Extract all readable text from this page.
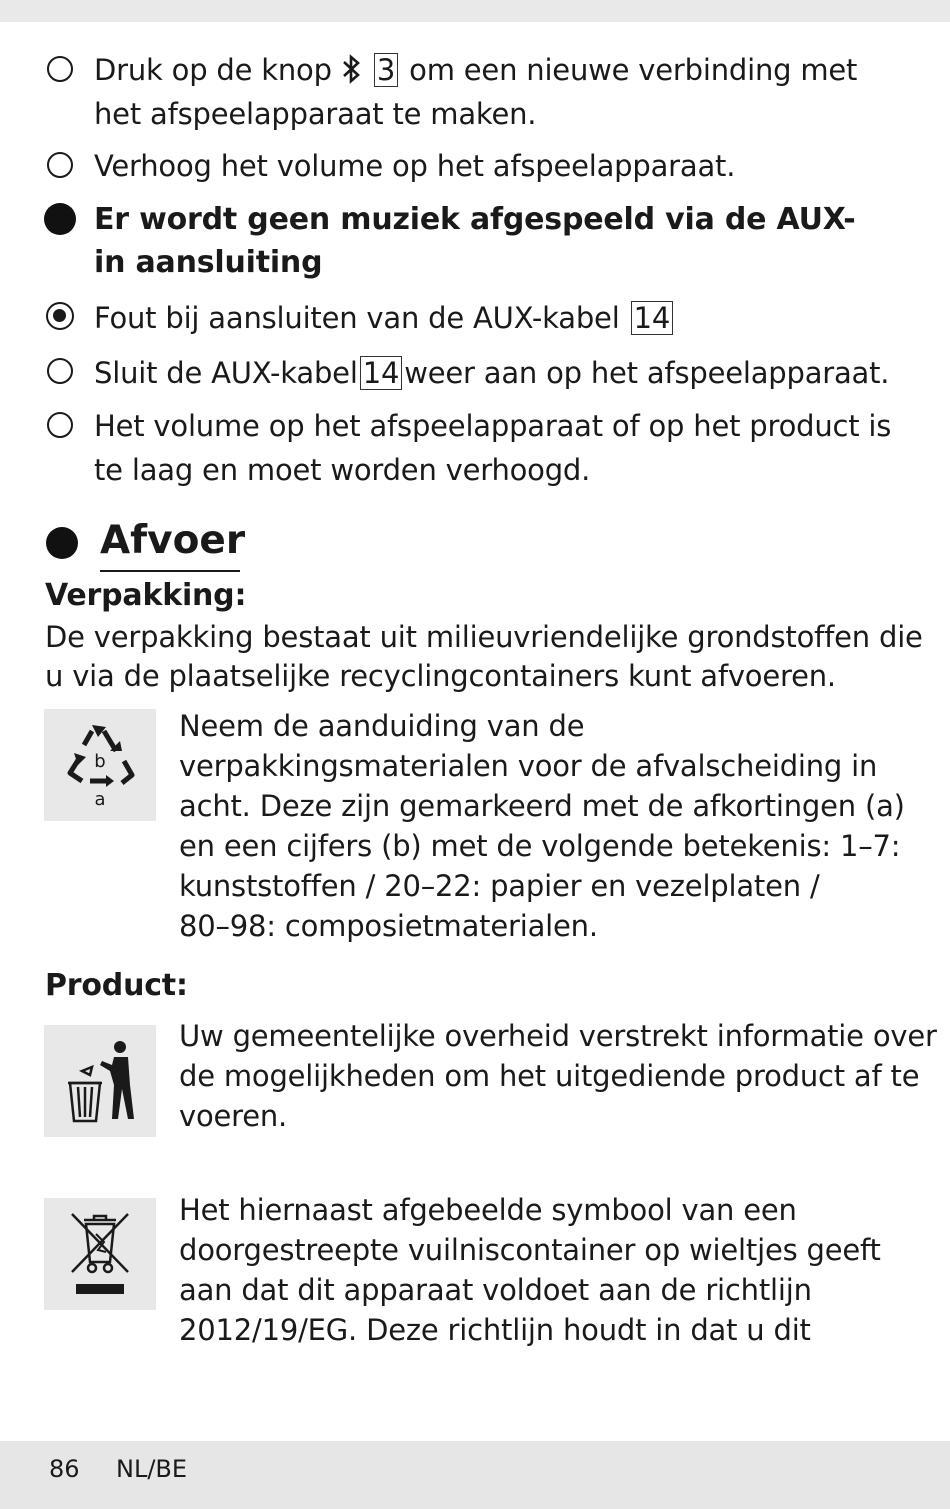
Druk op de knop 3 om een nieuwe verbinding met
het afspeelapparaat te maken.
Verhoog het volume op het afspeelapparaat.
Er wordt geen muziek afgespeeld via de AUX-
in aansluiting
Fout bij aansluiten van de AUX-kabel 14
Sluit de AUX-kabel 14 weer aan op het afspeelapparaat.
Het volume op het afspeelapparaat of op het product is
te laag en moet worden verhoogd.
Afvoer
Verpakking:
De verpakking bestaat uit milieuvriendelijke grondstoffen die
u via de plaatselijke recyclingcontainers kunt afvoeren.
b
a
Neem de aanduiding van de
verpakkingsmaterialen voor de afvalscheiding in
acht. Deze zijn gemarkeerd met de afkortingen (a)
en een cijfers (b) met de volgende betekenis: 1–7:
kunststoffen / 20–22: papier en vezelplaten /
80–98: composietmaterialen.
Product:
Uw gemeentelijke overheid verstrekt informatie over
de mogelijkheden om het uitgediende product af te
voeren.
Het hiernaast afgebeelde symbool van een
doorgestreepte vuilniscontainer op wieltjes geeft
aan dat dit apparaat voldoet aan de richtlijn
2012/19/EG. Deze richtlijn houdt in dat u dit
86 NL/BE
